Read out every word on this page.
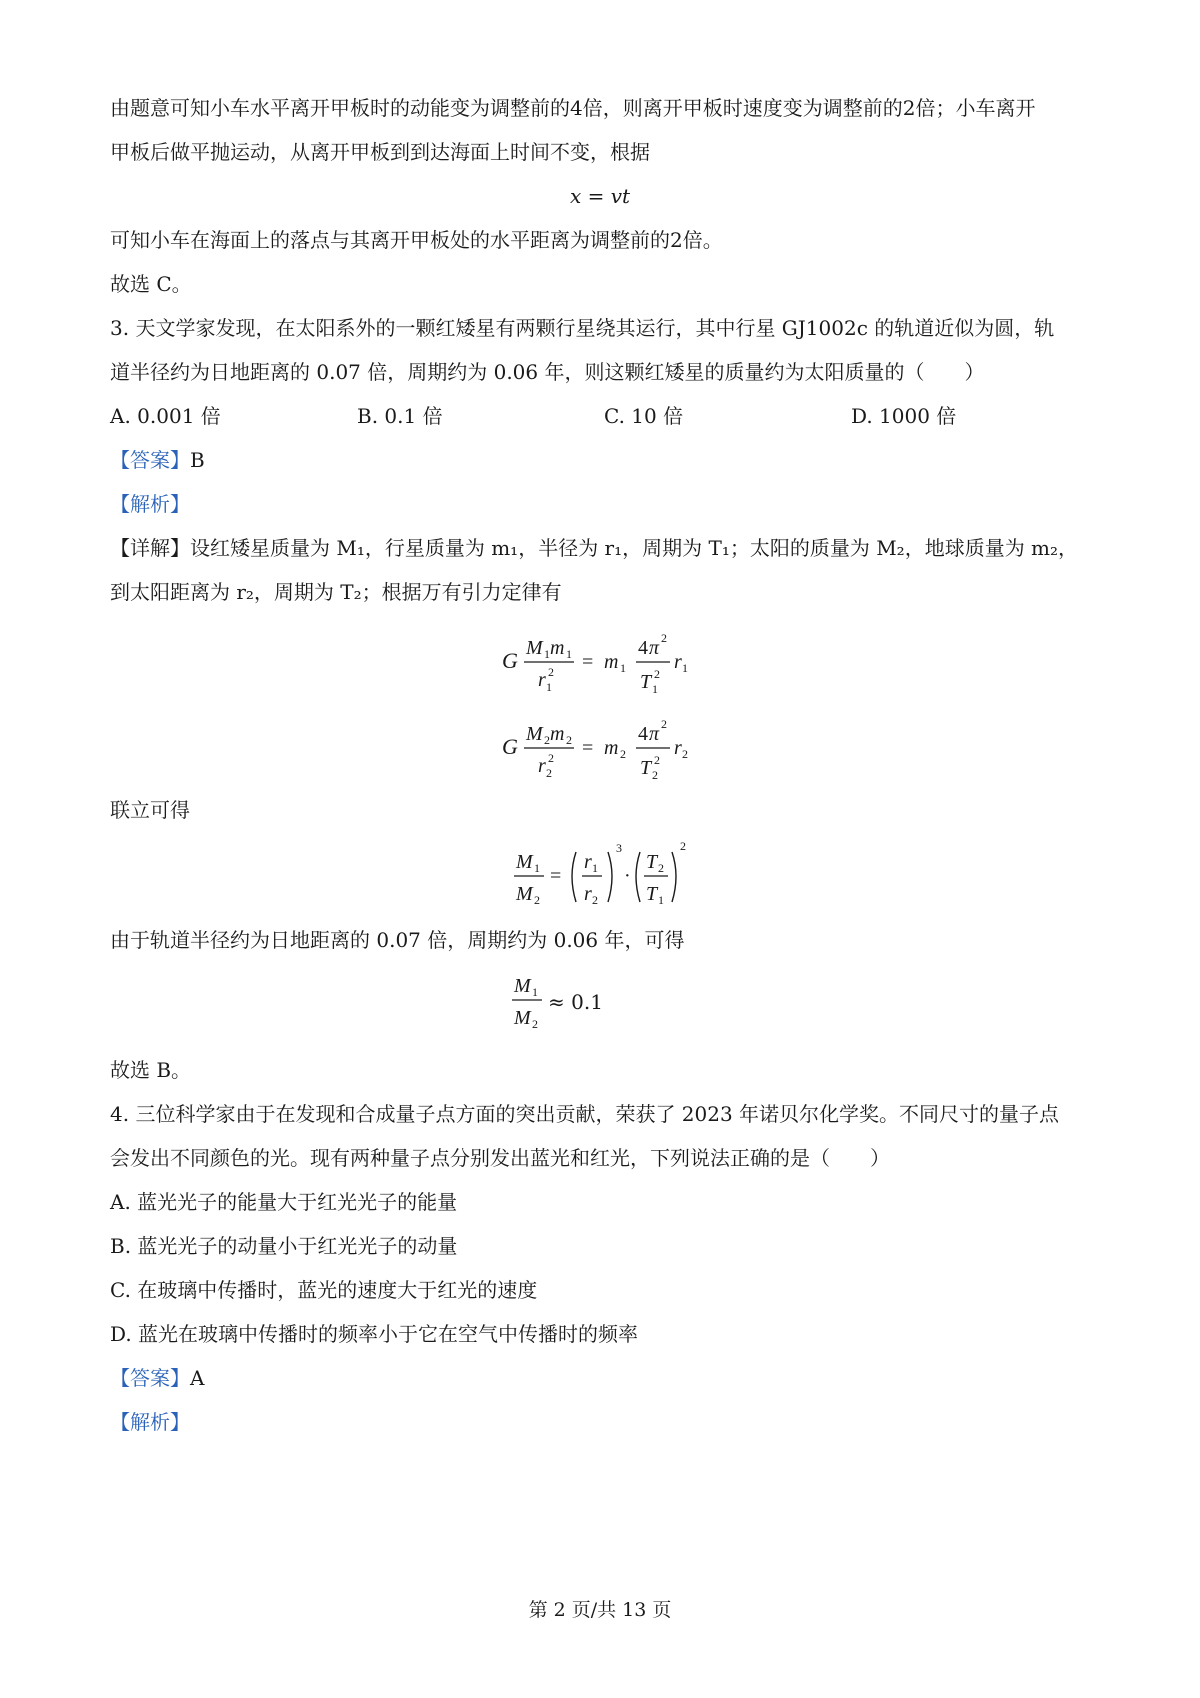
由题意可知小车水平离开甲板时的动能变为调整前的4倍，则离开甲板时速度变为调整前的2倍；小车离开
甲板后做平抛运动，从离开甲板到到达海面上时间不变，根据
x = vt
可知小车在海面上的落点与其离开甲板处的水平距离为调整前的2倍。
故选 C。
3. 天文学家发现，在太阳系外的一颗红矮星有两颗行星绕其运行，其中行星 GJ1002c 的轨道近似为圆，轨
道半径约为日地距离的 0.07 倍，周期约为 0.06 年，则这颗红矮星的质量约为太阳质量的（　　）
A. 0.001 倍	B. 0.1 倍	C. 10 倍	D. 1000 倍
【答案】B
【解析】
【详解】设红矮星质量为 M₁，行星质量为 m₁，半径为 r₁，周期为 T₁；太阳的质量为 M₂，地球质量为 m₂，
到太阳距离为 r₂，周期为 T₂；根据万有引力定律有
G M 1 m 1
r 1
2 = m 1
4 π 2
T 1
2
r 1
G M 2 m 2
r 2
2 = m 2
4 π 2
T 2
2
r 2
联立可得
M 1
M 2
=
r 1
r 2
3
·
T 2
T 1
2
由于轨道半径约为日地距离的 0.07 倍，周期约为 0.06 年，可得
M 1
M 2
≈ 0.1
故选 B。
4. 三位科学家由于在发现和合成量子点方面的突出贡献，荣获了 2023 年诺贝尔化学奖。不同尺寸的量子点
会发出不同颜色的光。现有两种量子点分别发出蓝光和红光，下列说法正确的是（　　）
A. 蓝光光子的能量大于红光光子的能量
B. 蓝光光子的动量小于红光光子的动量
C. 在玻璃中传播时，蓝光的速度大于红光的速度
D. 蓝光在玻璃中传播时的频率小于它在空气中传播时的频率
【答案】A
【解析】
第 2 页/共 13 页
